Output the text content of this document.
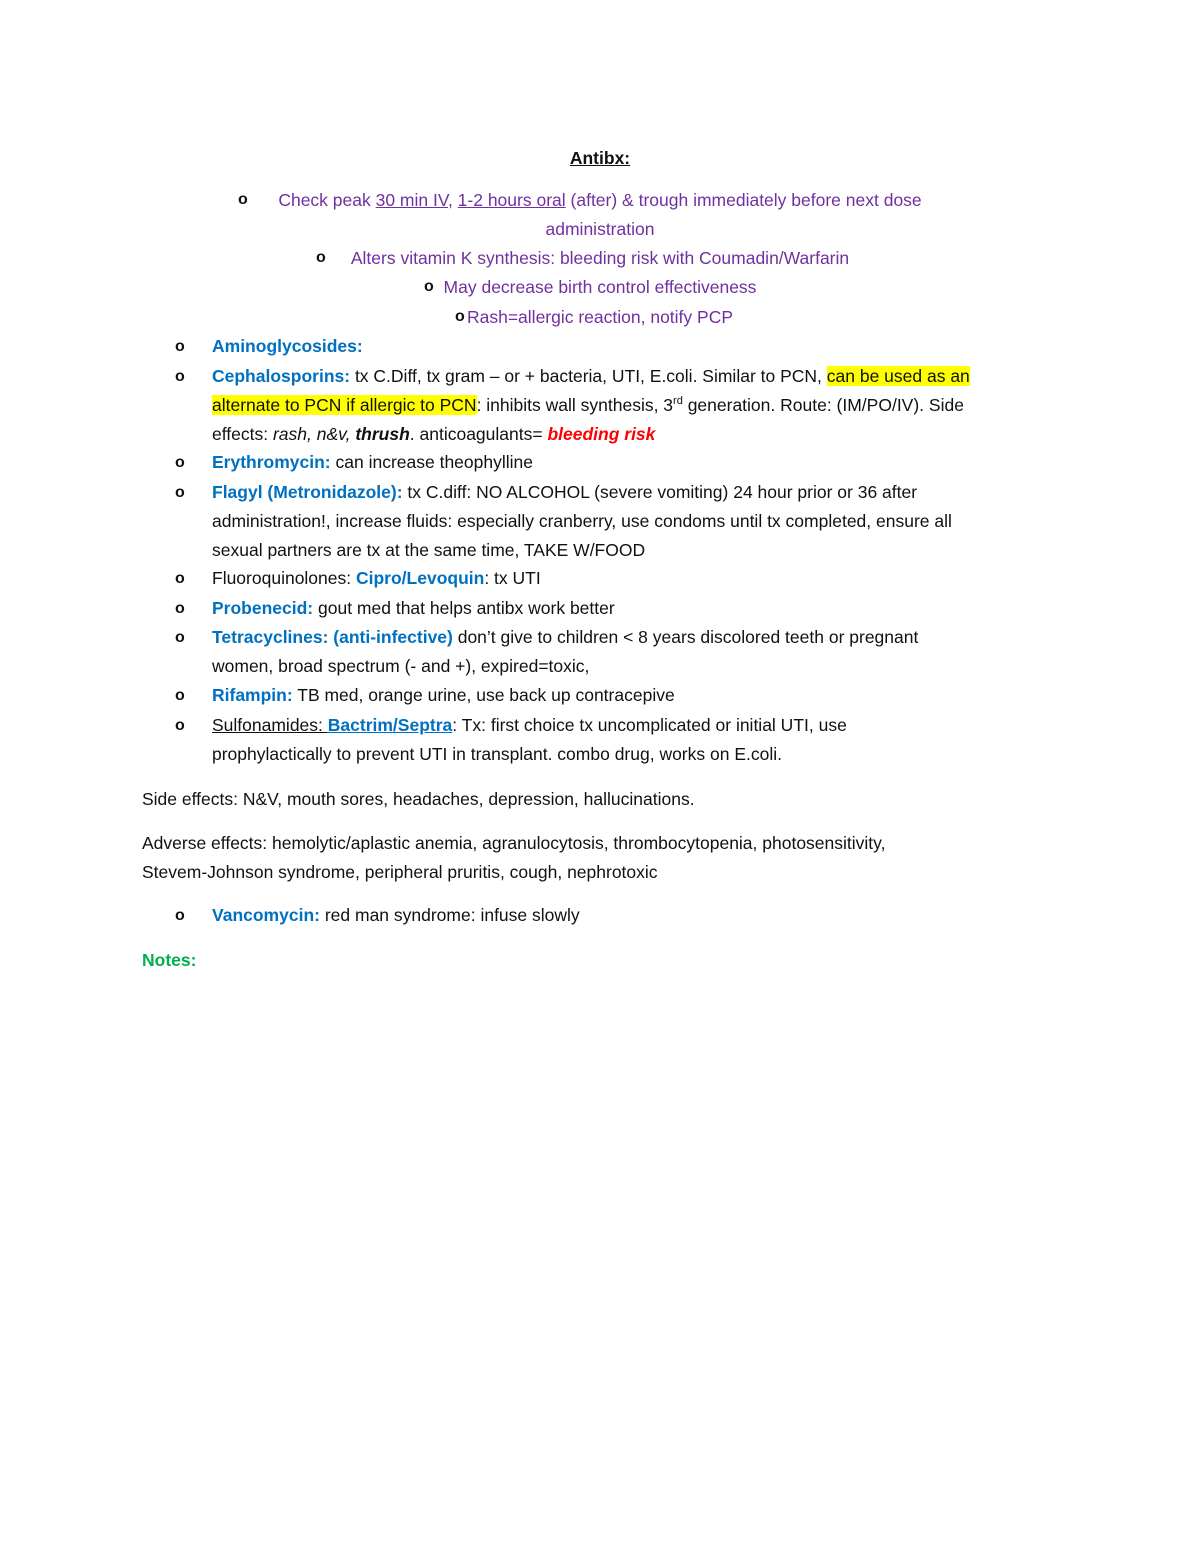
Antibx:
o	Check peak 30 min IV, 1-2 hours oral (after) & trough immediately before next dose
administration
o	Alters vitamin K synthesis: bleeding risk with Coumadin/Warfarin
o May decrease birth control effectiveness
o Rash=allergic reaction, notify PCP
o Aminoglycosides:
o Cephalosporins: tx C.Diff, tx gram – or + bacteria, UTI, E.coli. Similar to PCN, can be used as an
alternate to PCN if allergic to PCN: inhibits wall synthesis, 3rd generation. Route: (IM/PO/IV). Side
effects: rash, n&v, thrush. anticoagulants= bleeding risk
o Erythromycin: can increase theophylline
o Flagyl (Metronidazole): tx C.diff: NO ALCOHOL (severe vomiting) 24 hour prior or 36 after
administration!, increase fluids: especially cranberry, use condoms until tx completed, ensure all
sexual partners are tx at the same time, TAKE W/FOOD
o Fluoroquinolones: Cipro/Levoquin: tx UTI
o Probenecid: gout med that helps antibx work better
o Tetracyclines: (anti-infective) don’t give to children < 8 years discolored teeth or pregnant
women, broad spectrum (- and +), expired=toxic,
o Rifampin: TB med, orange urine, use back up contracepive
o Sulfonamides: Bactrim/Septra: Tx: first choice tx uncomplicated or initial UTI, use
prophylactically to prevent UTI in transplant. combo drug, works on E.coli.
Side effects: N&V, mouth sores, headaches, depression, hallucinations.
Adverse effects: hemolytic/aplastic anemia, agranulocytosis, thrombocytopenia, photosensitivity,
Stevem-Johnson syndrome, peripheral pruritis, cough, nephrotoxic
o Vancomycin: red man syndrome: infuse slowly
Notes:
